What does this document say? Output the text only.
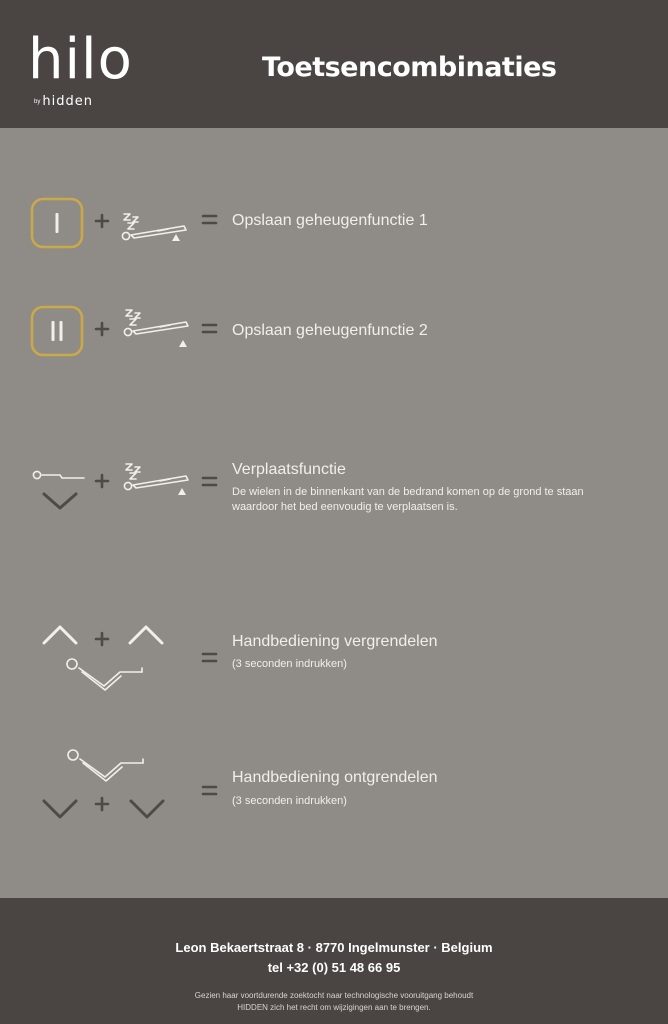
hilo
by hidden
Toetsencombinaties
Opslaan geheugenfunctie 1
Opslaan geheugenfunctie 2
Verplaatsfunctie
De wielen in de binnenkant van de bedrand komen op de grond te staan
waardoor het bed eenvoudig te verplaatsen is.
Handbediening vergrendelen
(3 seconden indrukken)
Handbediening ontgrendelen
(3 seconden indrukken)
Leon Bekaertstraat 8 · 8770 Ingelmunster · Belgium
tel +32 (0) 51 48 66 95
Gezien haar voortdurende zoektocht naar technologische vooruitgang behoudt
HIDDEN zich het recht om wijzigingen aan te brengen.
